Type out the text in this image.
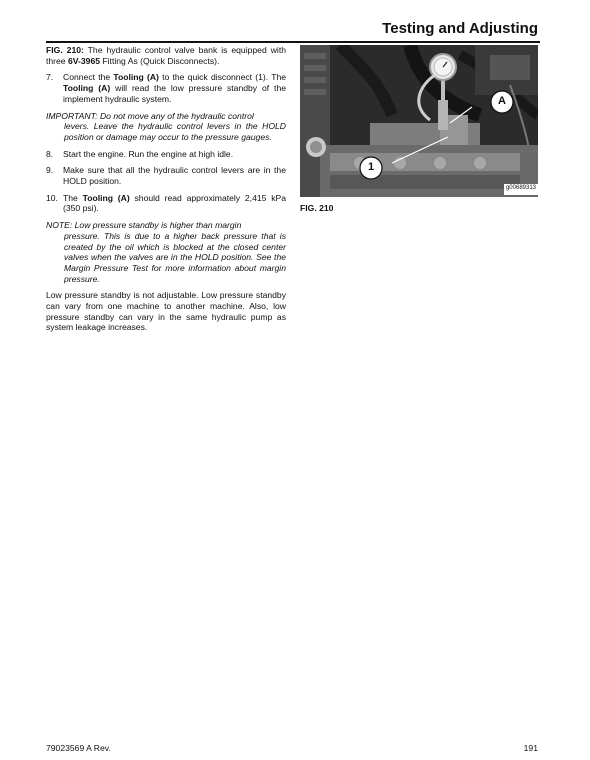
Testing and Adjusting

FIG. 210: The hydraulic control valve bank is equipped with three 6V-3965 Fitting As (Quick Disconnects).

7.	Connect the Tooling (A) to the quick disconnect (1). The Tooling (A) will read the low pressure standby of the implement hydraulic system.
IMPORTANT: Do not move any of the hydraulic control
levers. Leave the hydraulic control levers in the HOLD position or damage may occur to the pressure gauges.
8.	Start the engine. Run the engine at high idle.
9.	Make sure that all the hydraulic control levers are in the HOLD position.
10. The Tooling (A) should read approximately 2,415 kPa (350 psi).
NOTE: Low pressure standby is higher than margin
pressure. This is due to a higher back pressure that is created by the oil which is blocked at the closed center valves when the valves are in the HOLD position. See the Margin Pressure Test for more information about margin pressure.

Low pressure standby is not adjustable. Low pressure standby can vary from one machine to another machine. Also, low pressure standby can vary in the same hydraulic pump as system leakage increases.

A
1
g00689313
FIG. 210
79023569 A Rev.	191
